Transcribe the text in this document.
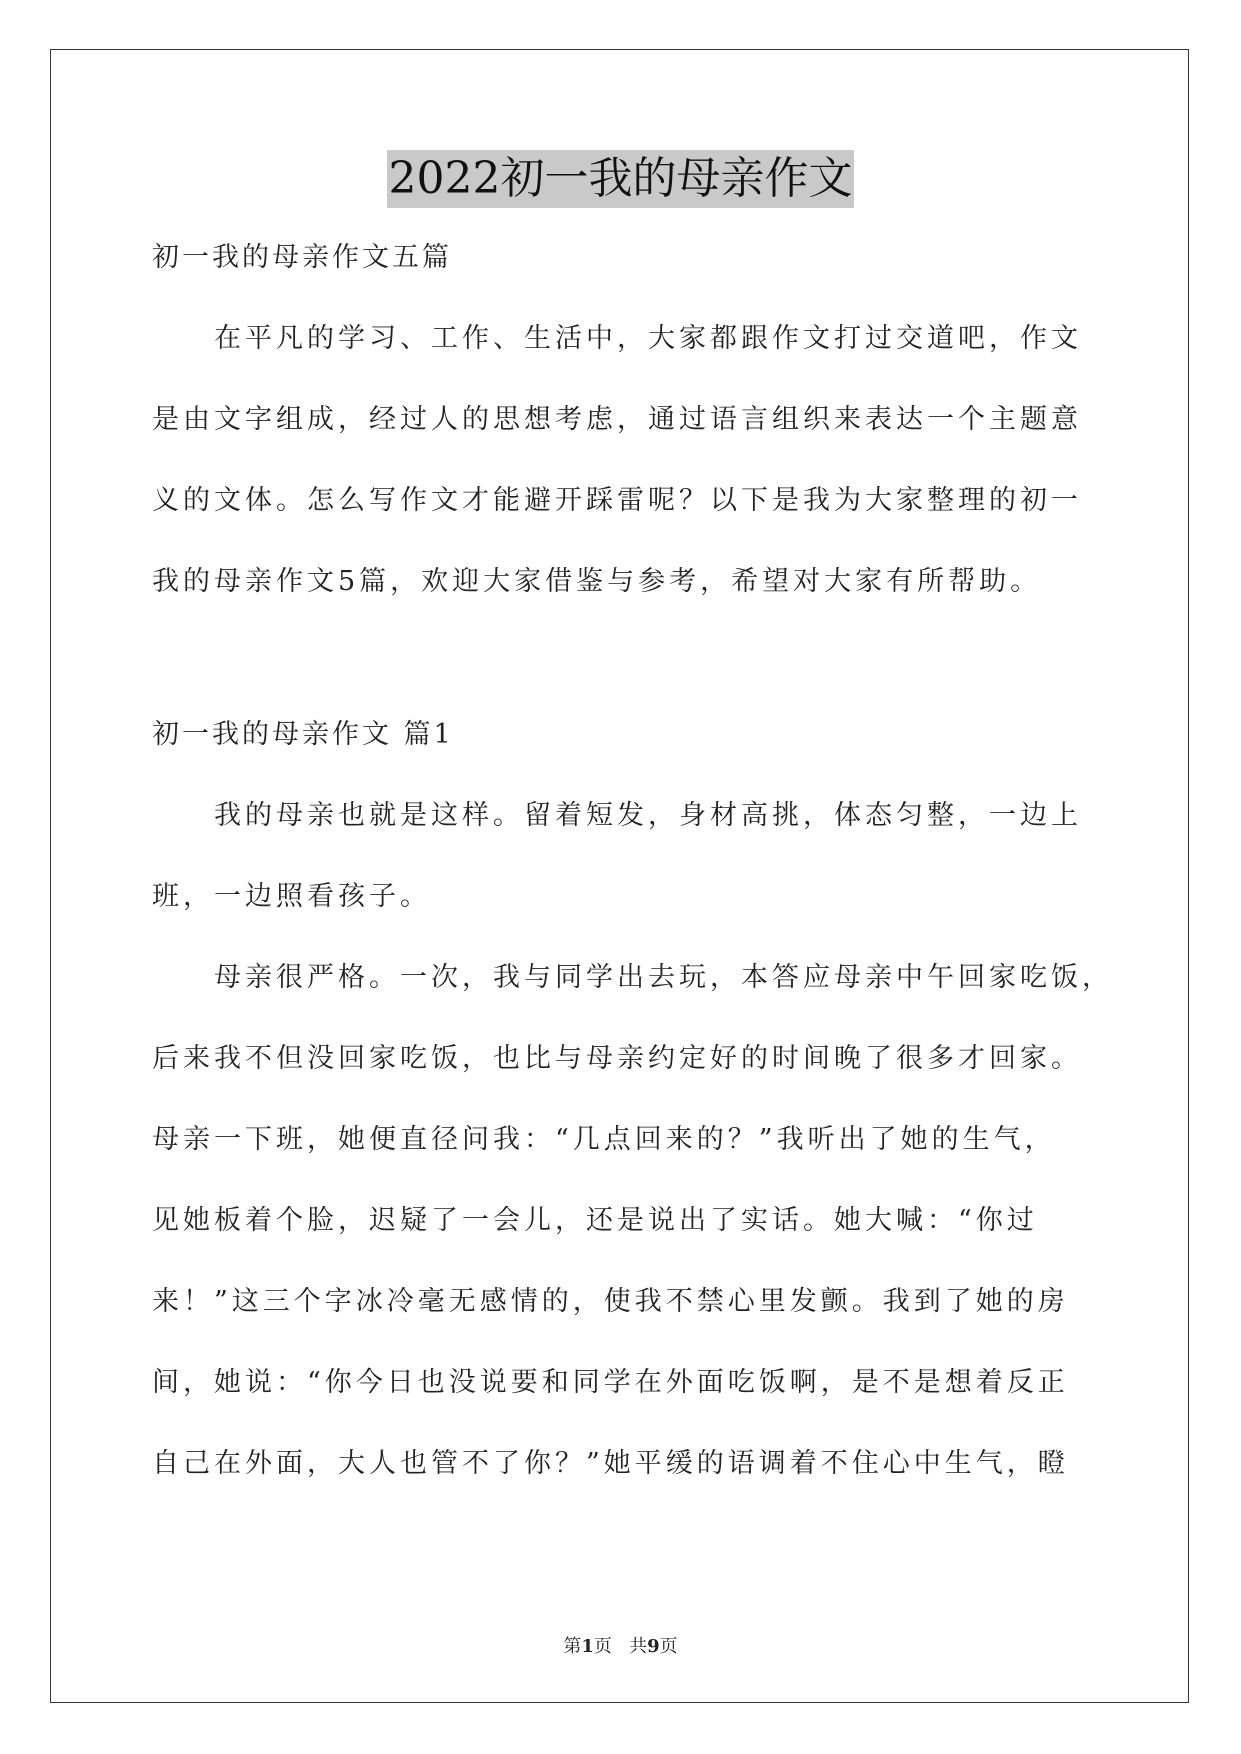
2022初一我的母亲作文
初一我的母亲作文五篇
在平凡的学习、工作、生活中，大家都跟作文打过交道吧，作文
是由文字组成，经过人的思想考虑，通过语言组织来表达一个主题意
义的文体。怎么写作文才能避开踩雷呢？以下是我为大家整理的初一
我的母亲作文5篇，欢迎大家借鉴与参考，希望对大家有所帮助。
初一我的母亲作文 篇1
我的母亲也就是这样。留着短发，身材高挑，体态匀整，一边上
班，一边照看孩子。
母亲很严格。一次，我与同学出去玩，本答应母亲中午回家吃饭，
后来我不但没回家吃饭，也比与母亲约定好的时间晚了很多才回家。
母亲一下班，她便直径问我：“几点回来的？”我听出了她的生气，
见她板着个脸，迟疑了一会儿，还是说出了实话。她大喊：“你过
来！”这三个字冰冷毫无感情的，使我不禁心里发颤。我到了她的房
间，她说：“你今日也没说要和同学在外面吃饭啊，是不是想着反正
自己在外面，大人也管不了你？”她平缓的语调着不住心中生气，瞪
第1页   共9页
